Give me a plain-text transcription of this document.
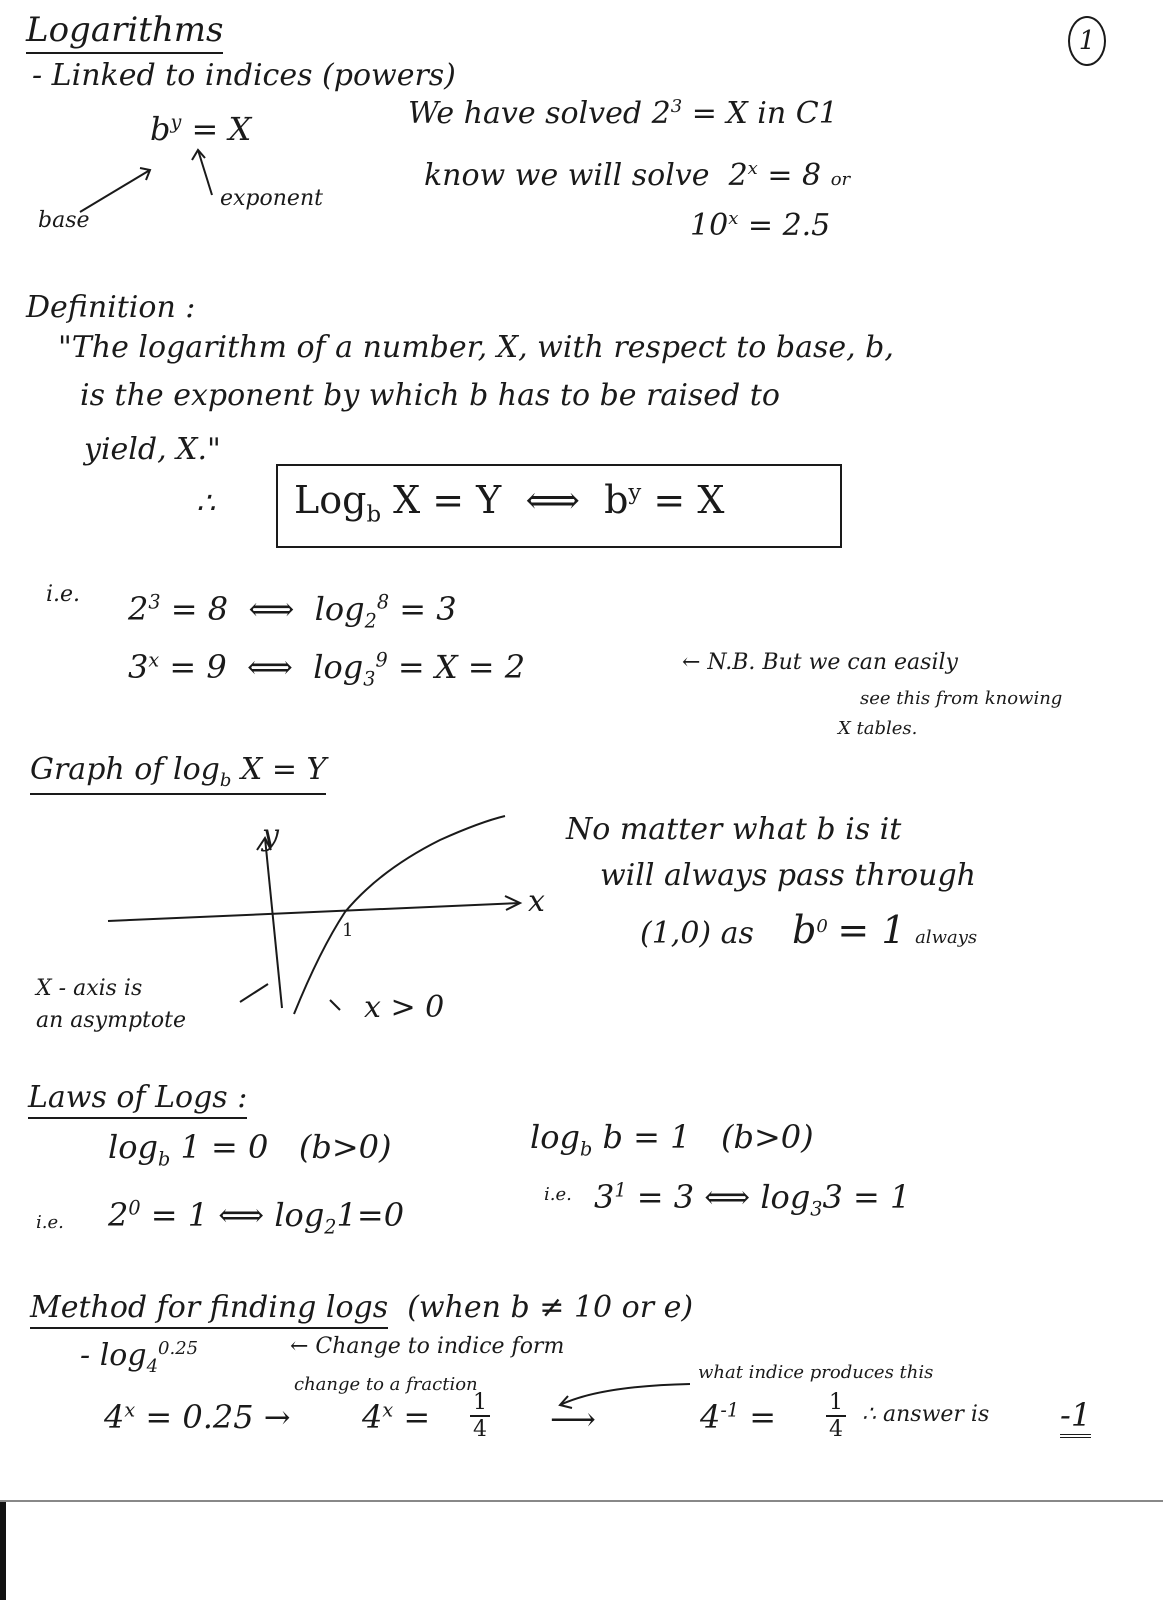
1
Logarithms
- Linked to indices (powers)
$b^y = X$
base
exponent
We have solved $2^3 = X$ in C1
know we will solve $2^x = 8$ or
$10^x = 2.5$
Definition :
"The logarithm of a number, X, with respect to base, b,
is the exponent by which b has to be raised to
yield, X."
∴ Log$_b$ X = Y ⟺ $b^y = X$
i.e. $2^3 = 8$ ⟺ $\log_2^8 = 3$
$3^x = 9$ ⟺ $\log_3^9 = X = 2$	← N.B. But we can easily
see this from knowing
X tables.
Graph of $\log_b X = Y$
y
x
1
X - axis is
an asymptote	x > 0
No matter what b is it
will always pass through
(1,0) as $b^0 = 1$ always
Laws of Logs :
$\log_b 1 = 0$ (b>0)	$\log_b b = 1$ (b>0)
i.e. $2^0 = 1$ ⟺ $\log_21=0$
i.e. $3^1 = 3$ ⟺ $\log_33 = 1$
Method for finding logs (when b ≠ 10 or e)
- $\log_4^{0.25}$	← Change to indice form
change to a fraction
what indice produces this
$4^x = 0.25 \to 4^x = \frac{1}{4}$ ⟶	$4^{-1} = \frac{1}{4}$ ∴ answer is -1
